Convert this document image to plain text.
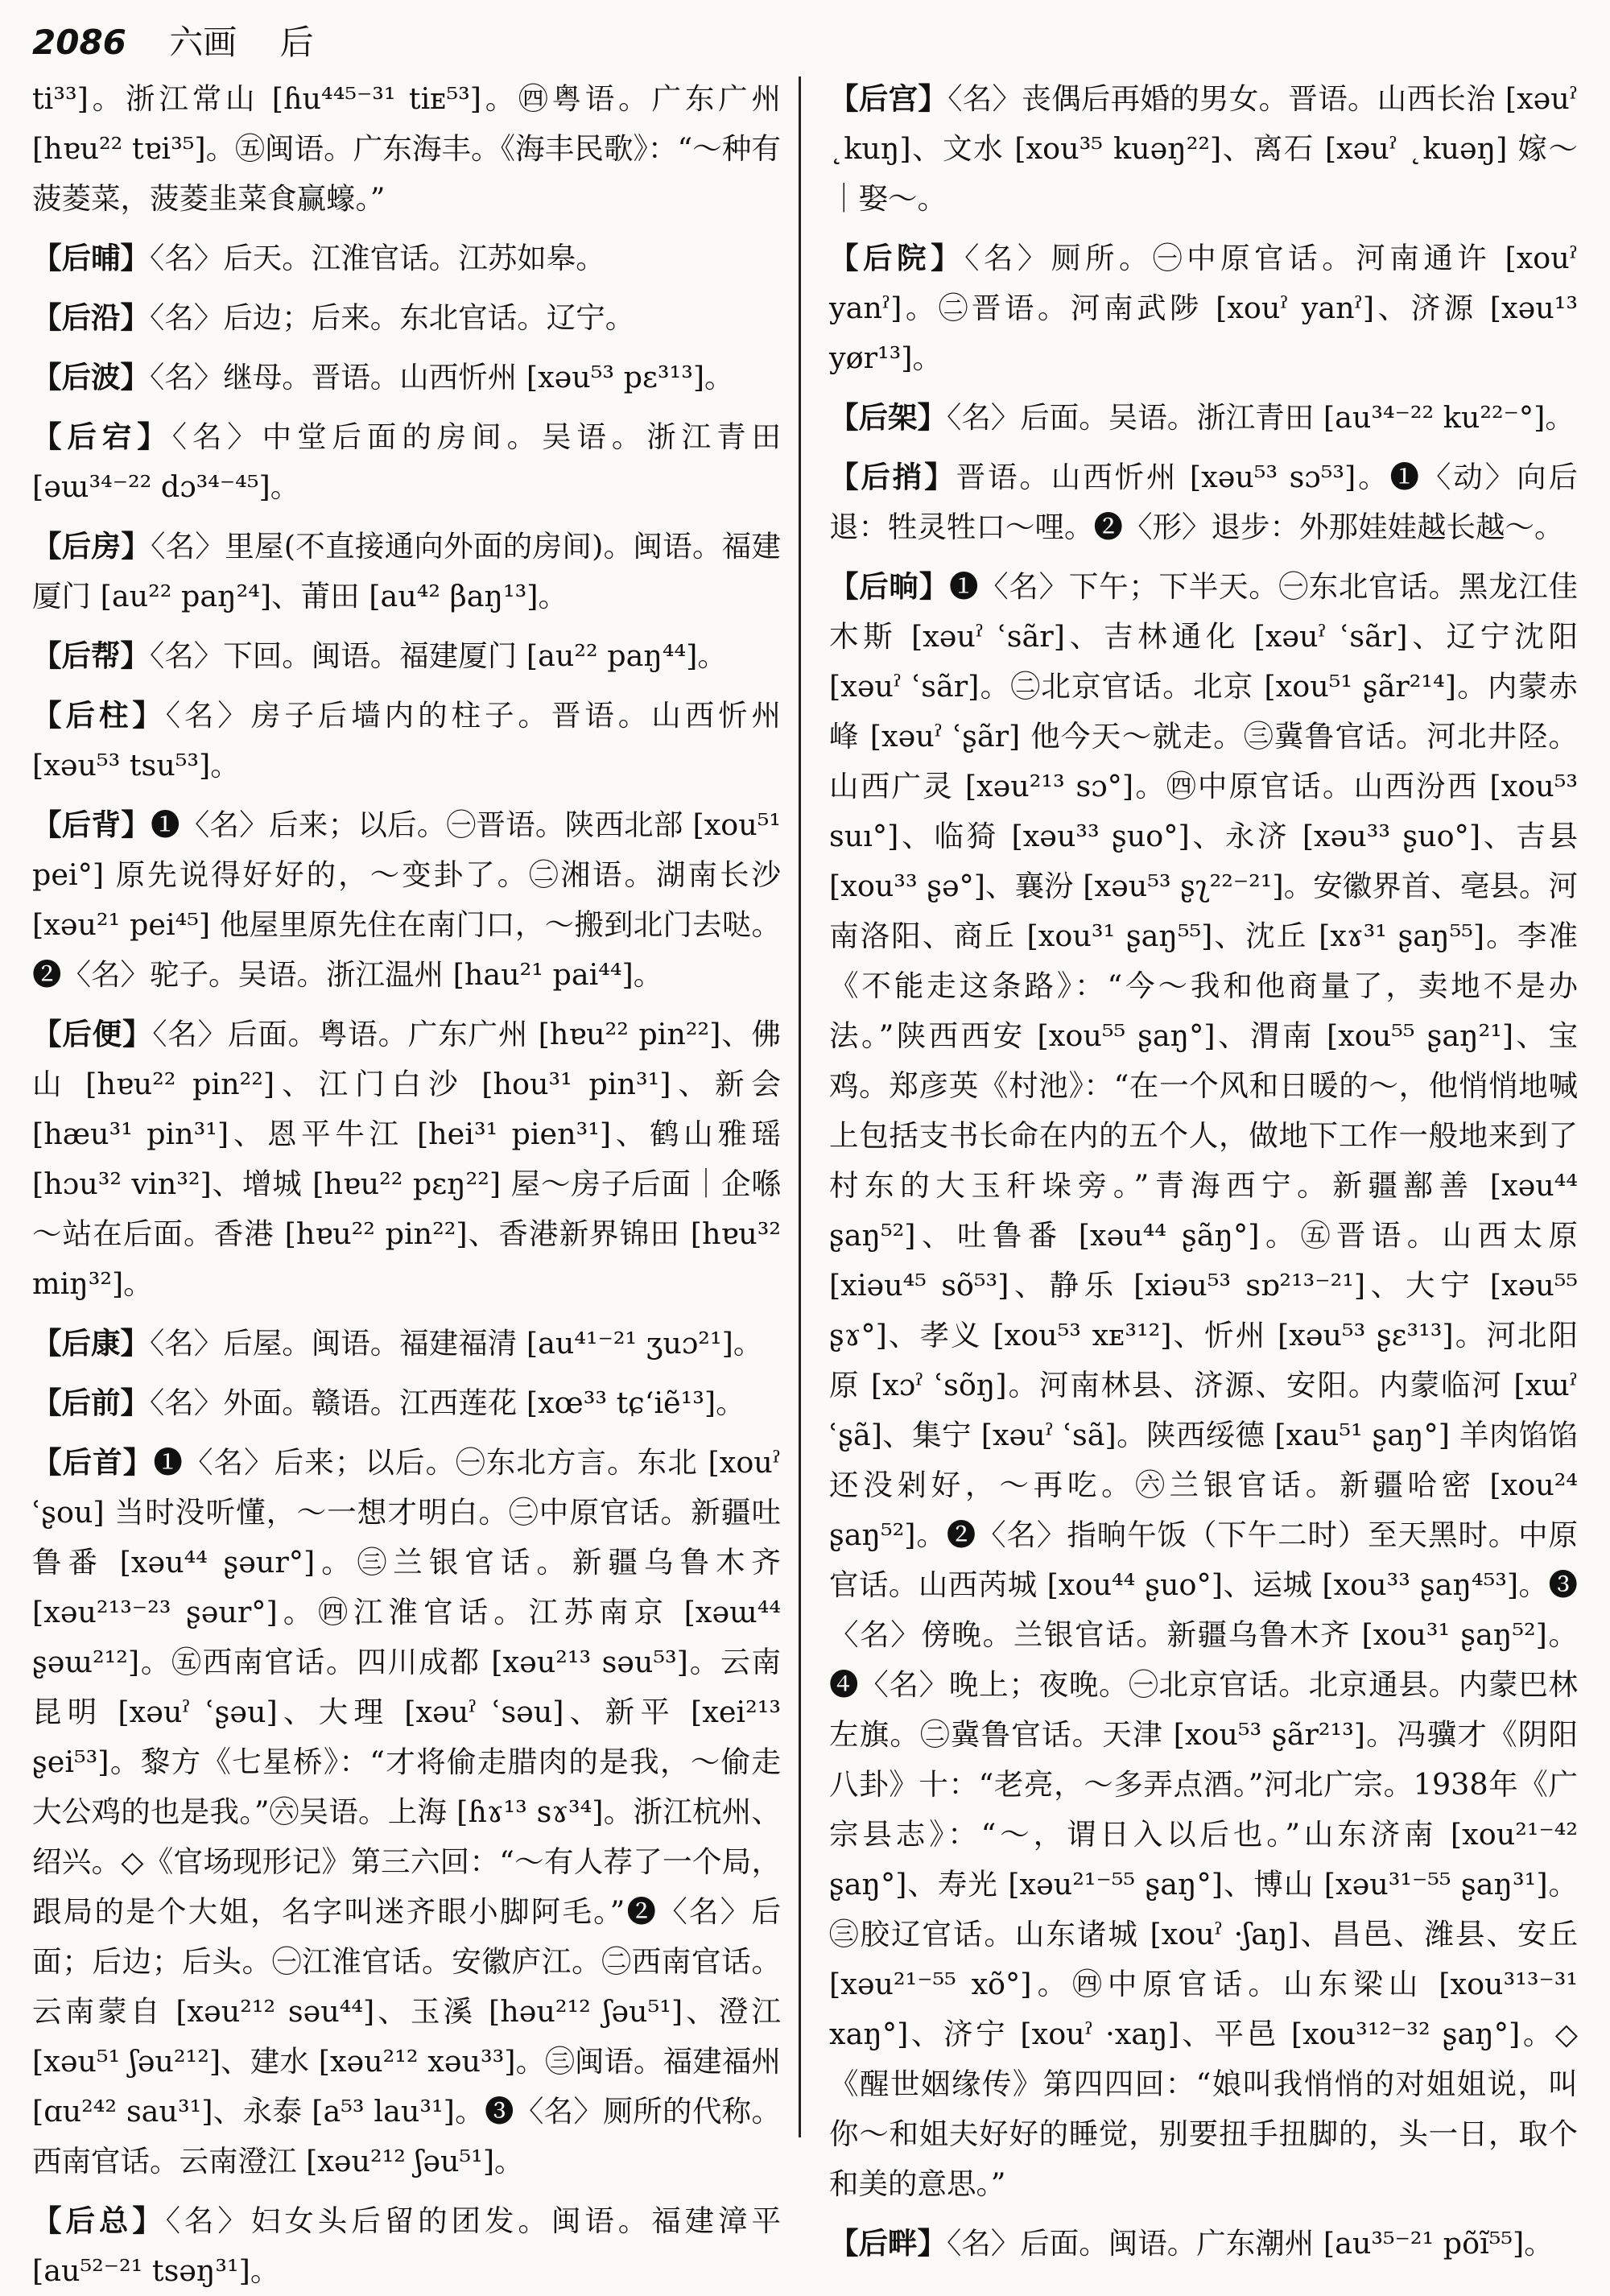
2086 六画 后
ti³³]。浙江常山 [ɦu⁴⁴⁵⁻³¹ tiᴇ⁵³]。㊃粤语。广东广州 [hɐu²² tɐi³⁵]。㊄闽语。广东海丰。《海丰民歌》：“～种有菠菱菜，菠菱韭菜食赢蠔。”
【 后晡 】 〈名〉后天。江淮官话。江苏如皋。
【 后沿 】 〈名〉后边；后来。东北官话。辽宁。
【 后波 】 〈名〉继母。晋语。山西忻州 [xəu⁵³ pɛ³¹³]。
【 后宕 】 〈名〉中堂后面的房间。吴语。浙江青田 [əɯ³⁴⁻²² dɔ³⁴⁻⁴⁵]。
【 后房 】 〈名〉里屋(不直接通向外面的房间)。闽语。福建厦门 [au²² paŋ²⁴]、莆田 [au⁴² βaŋ¹³]。
【 后帮 】 〈名〉下回。闽语。福建厦门 [au²² paŋ⁴⁴]。
【 后柱 】 〈名〉房子后墙内的柱子。晋语。山西忻州 [xəu⁵³ tsu⁵³]。
【 后背 】 ❶〈名〉后来；以后。㊀晋语。陕西北部 [xou⁵¹ pei°] 原先说得好好的，～变卦了。㊁湘语。湖南长沙 [xəu²¹ pei⁴⁵] 他屋里原先住在南门口，～搬到北门去哒。❷〈名〉驼子。吴语。浙江温州 [hau²¹ pai⁴⁴]。
【 后便 】 〈名〉后面。粤语。广东广州 [hɐu²² pin²²]、佛山 [hɐu²² pin²²]、江门白沙 [hou³¹ pin³¹]、新会 [hæu³¹ pin³¹]、恩平牛江 [hei³¹ pien³¹]、鹤山雅瑶 [hɔu³² vin³²]、增城 [hɐu²² pɛŋ²²] 屋～房子后面｜企喺～站在后面。香港 [hɐu²² pin²²]、香港新界锦田 [hɐu³² miŋ³²]。
【 后康 】 〈名〉后屋。闽语。福建福清 [au⁴¹⁻²¹ ʒuɔ²¹]。
【 后前 】 〈名〉外面。赣语。江西莲花 [xœ³³ tɕʻiẽ¹³]。
【 后首 】 ❶〈名〉后来；以后。㊀东北方言。东北 [xouˀ ʿʂou] 当时没听懂，～一想才明白。㊁中原官话。新疆吐鲁番 [xəu⁴⁴ ʂəur°]。㊂兰银官话。新疆乌鲁木齐 [xəu²¹³⁻²³ ʂəur°]。㊃江淮官话。江苏南京 [xəɯ⁴⁴ ʂəɯ²¹²]。㊄西南官话。四川成都 [xəu²¹³ səu⁵³]。云南昆明 [xəuˀ ʿʂəu]、大理 [xəuˀ ʿsəu]、新平 [xei²¹³ ʂei⁵³]。黎方《七星桥》：“才将偷走腊肉的是我，～偷走大公鸡的也是我。”㊅吴语。上海 [ɦɤ¹³ sɤ³⁴]。浙江杭州、绍兴。◇《官场现形记》第三六回：“～有人荐了一个局，跟局的是个大姐，名字叫迷齐眼小脚阿毛。”❷〈名〉后面；后边；后头。㊀江淮官话。安徽庐江。㊁西南官话。云南蒙自 [xəu²¹² səu⁴⁴]、玉溪 [həu²¹² ʃəu⁵¹]、澄江 [xəu⁵¹ ʃəu²¹²]、建水 [xəu²¹² xəu³³]。㊂闽语。福建福州 [ɑu²⁴² sau³¹]、永泰 [a⁵³ lau³¹]。❸〈名〉厕所的代称。西南官话。云南澄江 [xəu²¹² ʃəu⁵¹]。
【 后总 】 〈名〉妇女头后留的团发。闽语。福建漳平 [au⁵²⁻²¹ tsəŋ³¹]。
【 后宫 】 〈名〉丧偶后再婚的男女。晋语。山西长治 [xəuˀ ˛kuŋ]、文水 [xou³⁵ kuəŋ²²]、离石 [xəuˀ ˛kuəŋ] 嫁～｜娶～。
【 后院 】 〈名〉厕所。㊀中原官话。河南通许 [xouˀ yanˀ]。㊁晋语。河南武陟 [xouˀ yanˀ]、济源 [xəu¹³ yør¹³]。
【 后架 】 〈名〉后面。吴语。浙江青田 [au³⁴⁻²² ku²²⁻°]。
【 后捎 】 晋语。山西忻州 [xəu⁵³ sɔ⁵³]。❶〈动〉向后退：牲灵牲口～哩。❷〈形〉退步：外那娃娃越长越～。
【 后晌 】 ❶〈名〉下午；下半天。㊀东北官话。黑龙江佳木斯 [xəuˀ ʿsãr]、吉林通化 [xəuˀ ʿsãr]、辽宁沈阳 [xəuˀ ʿsãr]。㊁北京官话。北京 [xou⁵¹ ʂãr²¹⁴]。内蒙赤峰 [xəuˀ ʿʂãr] 他今天～就走。㊂冀鲁官话。河北井陉。山西广灵 [xəu²¹³ sɔ°]。㊃中原官话。山西汾西 [xou⁵³ suı°]、临猗 [xəu³³ ʂuo°]、永济 [xəu³³ ʂuo°]、吉县 [xou³³ ʂə°]、襄汾 [xəu⁵³ ʂʅ²²⁻²¹]。安徽界首、亳县。河南洛阳、商丘 [xou³¹ ʂaŋ⁵⁵]、沈丘 [xɤ³¹ ʂaŋ⁵⁵]。李准《不能走这条路》：“今～我和他商量了，卖地不是办法。”陕西西安 [xou⁵⁵ ʂaŋ°]、渭南 [xou⁵⁵ ʂaŋ²¹]、宝鸡。郑彦英《村池》：“在一个风和日暖的～，他悄悄地喊上包括支书长命在内的五个人，做地下工作一般地来到了村东的大玉秆垛旁。”青海西宁。新疆鄯善 [xəu⁴⁴ ʂaŋ⁵²]、吐鲁番 [xəu⁴⁴ ʂãŋ°]。㊄晋语。山西太原 [xiəu⁴⁵ sõ⁵³]、静乐 [xiəu⁵³ sɒ²¹³⁻²¹]、大宁 [xəu⁵⁵ ʂɤ°]、孝义 [xou⁵³ xᴇ³¹²]、忻州 [xəu⁵³ ʂɛ³¹³]。河北阳原 [xɔˀ ʿsõŋ]。河南林县、济源、安阳。内蒙临河 [xɯˀ ʿʂã]、集宁 [xəuˀ ʿsã]。陕西绥德 [xau⁵¹ ʂaŋ°] 羊肉馅馅还没剁好，～再吃。㊅兰银官话。新疆哈密 [xou²⁴ ʂaŋ⁵²]。❷〈名〉指晌午饭（下午二时）至天黑时。中原官话。山西芮城 [xou⁴⁴ ʂuo°]、运城 [xou³³ ʂaŋ⁴⁵³]。❸〈名〉傍晚。兰银官话。新疆乌鲁木齐 [xou³¹ ʂaŋ⁵²]。❹〈名〉晚上；夜晚。㊀北京官话。北京通县。内蒙巴林左旗。㊁冀鲁官话。天津 [xou⁵³ ʂãr²¹³]。冯骥才《阴阳八卦》十：“老亮，～多弄点酒。”河北广宗。1938年《广宗县志》：“～，谓日入以后也。”山东济南 [xou²¹⁻⁴² ʂaŋ°]、寿光 [xəu²¹⁻⁵⁵ ʂaŋ°]、博山 [xəu³¹⁻⁵⁵ ʂaŋ³¹]。㊂胶辽官话。山东诸城 [xouˀ ·ʃaŋ]、昌邑、潍县、安丘 [xəu²¹⁻⁵⁵ xõ°]。㊃中原官话。山东梁山 [xou³¹³⁻³¹ xaŋ°]、济宁 [xouˀ ·xaŋ]、平邑 [xou³¹²⁻³² ʂaŋ°]。◇《醒世姻缘传》第四四回：“娘叫我悄悄的对姐姐说，叫你～和姐夫好好的睡觉，别要扭手扭脚的，头一日，取个和美的意思。”
【 后畔 】 〈名〉后面。闽语。广东潮州 [au³⁵⁻²¹ põĩ⁵⁵]。
